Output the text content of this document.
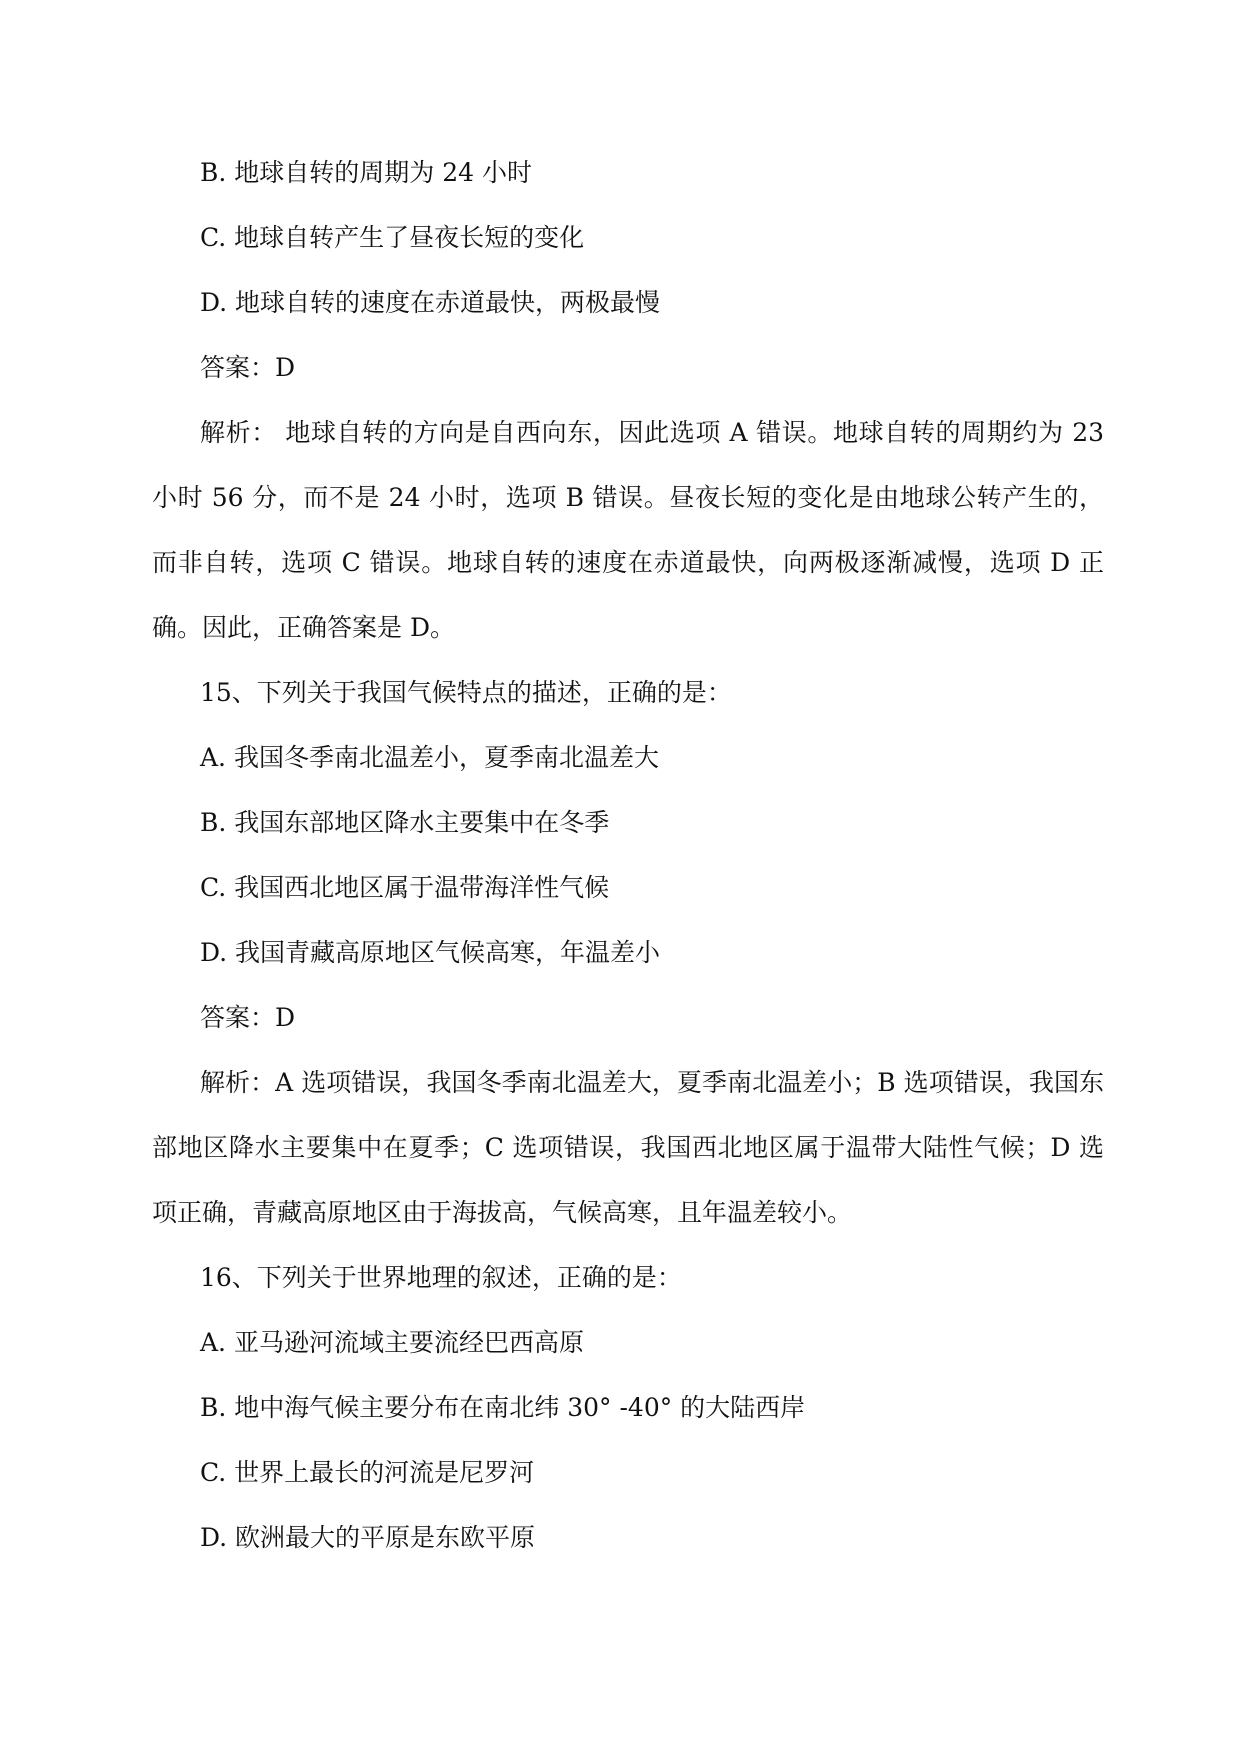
B. 地球自转的周期为 24 小时

C. 地球自转产生了昼夜长短的变化

D. 地球自转的速度在赤道最快，两极最慢

答案：D

解析： 地球自转的方向是自西向东，因此选项 A 错误。地球自转的周期约为 23 小时 56 分，而不是 24 小时，选项 B 错误。昼夜长短的变化是由地球公转产生的，而非自转，选项 C 错误。地球自转的速度在赤道最快，向两极逐渐减慢，选项 D 正确。因此，正确答案是 D。

15、下列关于我国气候特点的描述，正确的是：

A. 我国冬季南北温差小，夏季南北温差大

B. 我国东部地区降水主要集中在冬季

C. 我国西北地区属于温带海洋性气候

D. 我国青藏高原地区气候高寒，年温差小

答案：D

解析：A 选项错误，我国冬季南北温差大，夏季南北温差小；B 选项错误，我国东部地区降水主要集中在夏季；C 选项错误，我国西北地区属于温带大陆性气候；D 选项正确，青藏高原地区由于海拔高，气候高寒，且年温差较小。

16、下列关于世界地理的叙述，正确的是：

A. 亚马逊河流域主要流经巴西高原

B. 地中海气候主要分布在南北纬 30° -40° 的大陆西岸

C. 世界上最长的河流是尼罗河

D. 欧洲最大的平原是东欧平原
